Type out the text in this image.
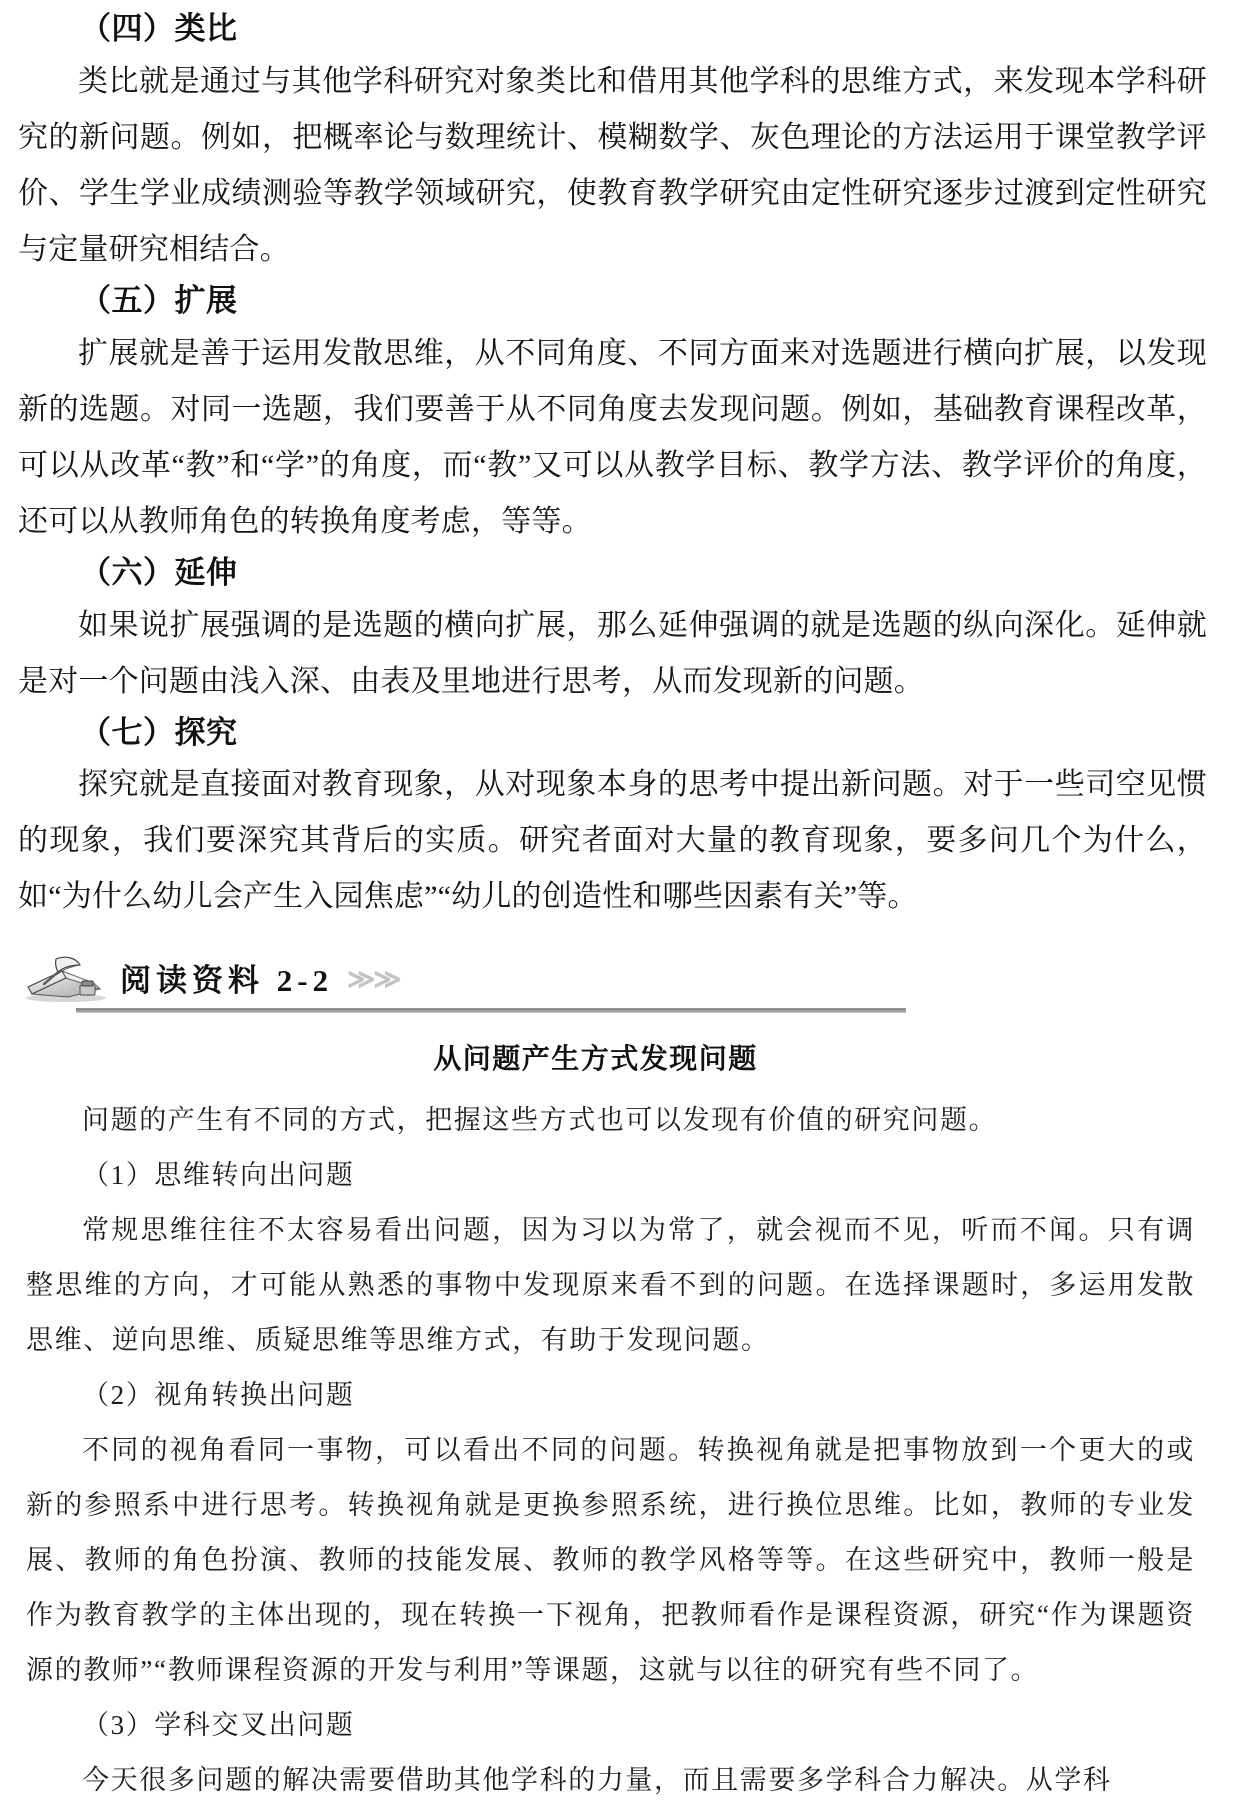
（四）类比

类比就是通过与其他学科研究对象类比和借用其他学科的思维方式，来发现本学科研究的新问题。例如，把概率论与数理统计、模糊数学、灰色理论的方法运用于课堂教学评价、学生学业成绩测验等教学领域研究，使教育教学研究由定性研究逐步过渡到定性研究与定量研究相结合。

（五）扩展

扩展就是善于运用发散思维，从不同角度、不同方面来对选题进行横向扩展，以发现新的选题。对同一选题，我们要善于从不同角度去发现问题。例如，基础教育课程改革，可以从改革“教”和“学”的角度，而“教”又可以从教学目标、教学方法、教学评价的角度，还可以从教师角色的转换角度考虑，等等。

（六）延伸

如果说扩展强调的是选题的横向扩展，那么延伸强调的就是选题的纵向深化。延伸就是对一个问题由浅入深、由表及里地进行思考，从而发现新的问题。

（七）探究

探究就是直接面对教育现象，从对现象本身的思考中提出新问题。对于一些司空见惯的现象，我们要深究其背后的实质。研究者面对大量的教育现象，要多问几个为什么，如“为什么幼儿会产生入园焦虑”“幼儿的创造性和哪些因素有关”等。

阅读资料 2-2 ≫≫
从问题产生方式发现问题

问题的产生有不同的方式，把握这些方式也可以发现有价值的研究问题。

（1）思维转向出问题

常规思维往往不太容易看出问题，因为习以为常了，就会视而不见，听而不闻。只有调整思维的方向，才可能从熟悉的事物中发现原来看不到的问题。在选择课题时，多运用发散思维、逆向思维、质疑思维等思维方式，有助于发现问题。

（2）视角转换出问题

不同的视角看同一事物，可以看出不同的问题。转换视角就是把事物放到一个更大的或新的参照系中进行思考。转换视角就是更换参照系统，进行换位思维。比如，教师的专业发展、教师的角色扮演、教师的技能发展、教师的教学风格等等。在这些研究中，教师一般是作为教育教学的主体出现的，现在转换一下视角，把教师看作是课程资源，研究“作为课题资源的教师”“教师课程资源的开发与利用”等课题，这就与以往的研究有些不同了。

（3）学科交叉出问题

今天很多问题的解决需要借助其他学科的力量，而且需要多学科合力解决。从学科
